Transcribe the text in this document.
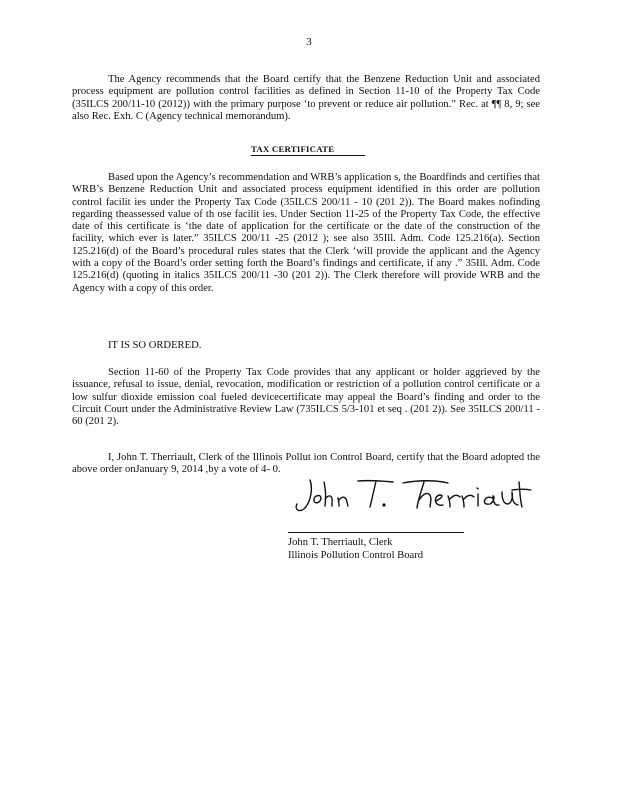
3

The Agency recommends that the Board certify that the Benzene Reduction Unit and associated process equipment are pollution control facilities as defined in Section 11-10 of the Property Tax Code (35ILCS 200/11-10 (2012)) with the primary purpose ‘to prevent or reduce air pollution.” Rec. at ¶¶ 8, 9; see also Rec. Exh. C (Agency technical memorandum).

TAX CERTIFICATE

Based upon the Agency’s recommendation and WRB’s application s, the Boardfinds and certifies that WRB’s Benzene Reduction Unit and associated process equipment identified in this order are pollution control facilit ies under the Property Tax Code (35ILCS 200/11 - 10 (201 2)). The Board makes nofinding regarding theassessed value of th ose facilit ies. Under Section 11-25 of the Property Tax Code, the effective date of this certificate is ‘the date of application for the certificate or the date of the construction of the facility, which ever is later.” 35ILCS 200/11 -25 (2012 ); see also 35Ill. Adm. Code 125.216(a). Section 125.216(d) of the Board’s procedural rules states that the Clerk ‘will provide the applicant and the Agency with a copy of the Board’s order setting forth the Board’s findings and certificate, if any .” 35Ill. Adm. Code 125.216(d) (quoting in italics 35ILCS 200/11 -30 (201 2)). The Clerk therefore will provide WRB and the Agency with a copy of this order.

IT IS SO ORDERED.

Section 11-60 of the Property Tax Code provides that any applicant or holder aggrieved by the issuance, refusal to issue, denial, revocation, modification or restriction of a pollution control certificate or a low sulfur dioxide emission coal fueled devicecertificate may appeal the Board’s finding and order to the Circuit Court under the Administrative Review Law (735ILCS 5/3-101 et seq . (201 2)). See 35ILCS 200/11 - 60 (201 2).

I, John T. Therriault, Clerk of the Illinois Pollut ion Control Board, certify that the Board adopted the above order onJanuary 9, 2014 ,by a vote of 4- 0.

John T. Therriault, Clerk
Illinois Pollution Control Board
